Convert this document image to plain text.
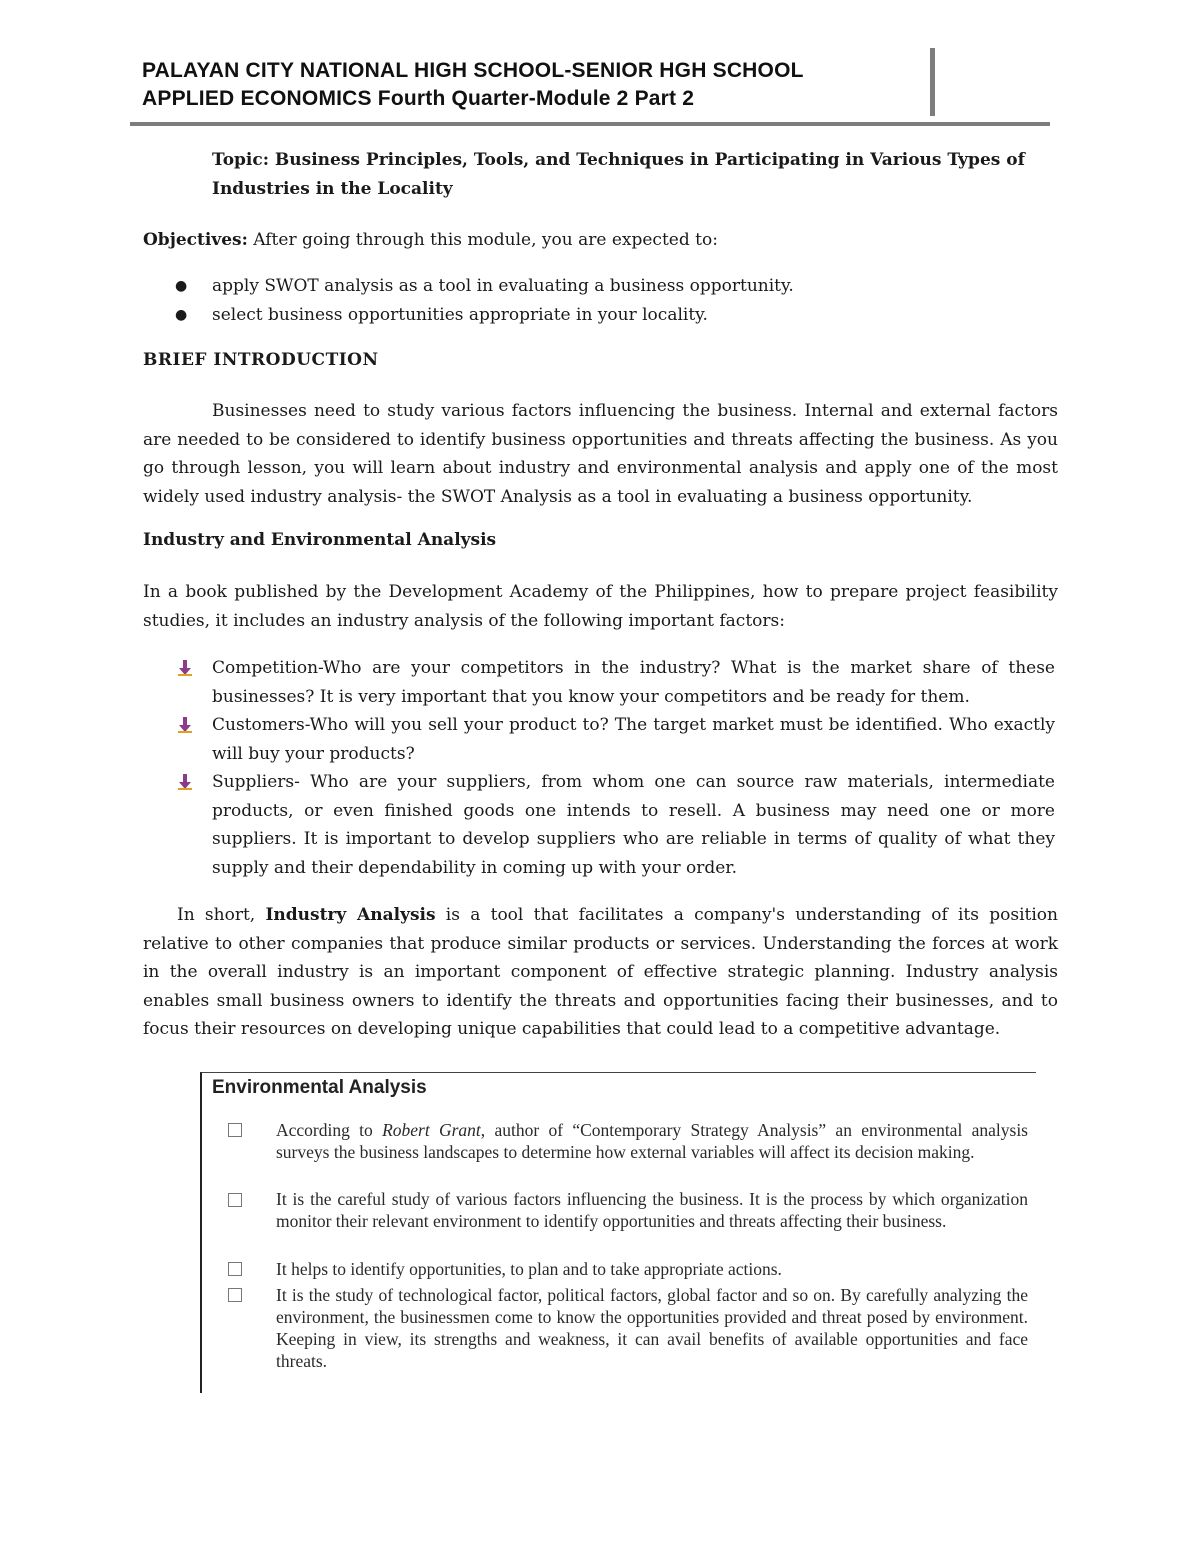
PALAYAN CITY NATIONAL HIGH SCHOOL-SENIOR HGH SCHOOL
APPLIED ECONOMICS Fourth Quarter-Module 2 Part 2
Topic: Business Principles, Tools, and Techniques in Participating in Various Types of Industries in the Locality
Objectives: After going through this module, you are expected to:
● apply SWOT analysis as a tool in evaluating a business opportunity.
● select business opportunities appropriate in your locality.
BRIEF INTRODUCTION
Businesses need to study various factors influencing the business. Internal and external factors are needed to be considered to identify business opportunities and threats affecting the business. As you go through lesson, you will learn about industry and environmental analysis and apply one of the most widely used industry analysis- the SWOT Analysis as a tool in evaluating a business opportunity.
Industry and Environmental Analysis
In a book published by the Development Academy of the Philippines, how to prepare project feasibility studies, it includes an industry analysis of the following important factors:
Competition-Who are your competitors in the industry? What is the market share of these businesses? It is very important that you know your competitors and be ready for them.
Customers-Who will you sell your product to? The target market must be identified. Who exactly will buy your products?
Suppliers- Who are your suppliers, from whom one can source raw materials, intermediate products, or even finished goods one intends to resell. A business may need one or more suppliers. It is important to develop suppliers who are reliable in terms of quality of what they supply and their dependability in coming up with your order.
In short, Industry Analysis is a tool that facilitates a company's understanding of its position relative to other companies that produce similar products or services. Understanding the forces at work in the overall industry is an important component of effective strategic planning. Industry analysis enables small business owners to identify the threats and opportunities facing their businesses, and to focus their resources on developing unique capabilities that could lead to a competitive advantage.
Environmental Analysis
According to Robert Grant, author of “Contemporary Strategy Analysis” an environmental analysis surveys the business landscapes to determine how external variables will affect its decision making.
It is the careful study of various factors influencing the business. It is the process by which organization monitor their relevant environment to identify opportunities and threats affecting their business.
It helps to identify opportunities, to plan and to take appropriate actions.
It is the study of technological factor, political factors, global factor and so on. By carefully analyzing the environment, the businessmen come to know the opportunities provided and threat posed by environment. Keeping in view, its strengths and weakness, it can avail benefits of available opportunities and face threats.
